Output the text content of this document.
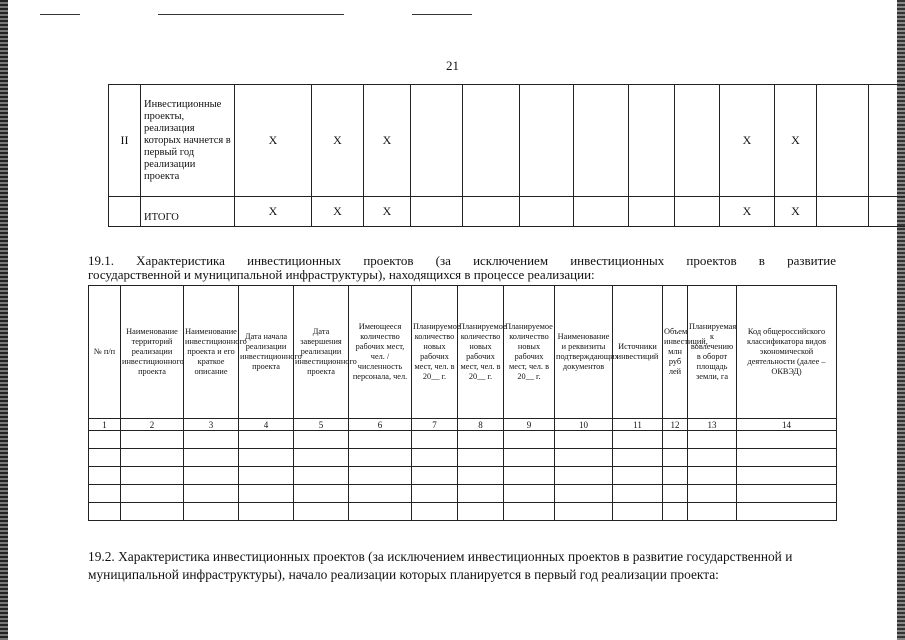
21
II	Инвестиционные проекты, реализация которых начнется в первый год реализации проекта	X	X	X							X	X		
	ИТОГО	X	X	X							X	X		
19.1. Характеристика инвестиционных проектов (за исключением инвестиционных проектов в развитие
государственной и муниципальной инфраструктуры), находящихся в процессе реализации:
№ п/п	Наименование территорий реализации инвестиционного проекта	Наименование инвестиционного проекта и его краткое описание	Дата начала реализации инвестиционного проекта	Дата завершения реализации инвестиционного проекта	Имеющееся количество рабочих мест, чел. / численность персонала, чел.	Планируемое количество новых рабочих мест, чел. в 20__ г.	Планируемое количество новых рабочих мест, чел. в 20__ г.	Планируемое количество новых рабочих мест, чел. в 20__ г.	Наименование и реквизиты подтверждающих документов	Источники инвестиций	Объем инвестиций, млн руб лей	Планируемая к вовлечению в оборот площадь земли, га	Код общероссийского классификатора видов экономической деятельности (далее – ОКВЭД)
1	2	3	4	5	6	7	8	9	10	11	12	13	14

19.2. Характеристика инвестиционных проектов (за исключением инвестиционных проектов в развитие государственной и муниципальной инфраструктуры), начало реализации которых планируется в первый год реализации проекта:
